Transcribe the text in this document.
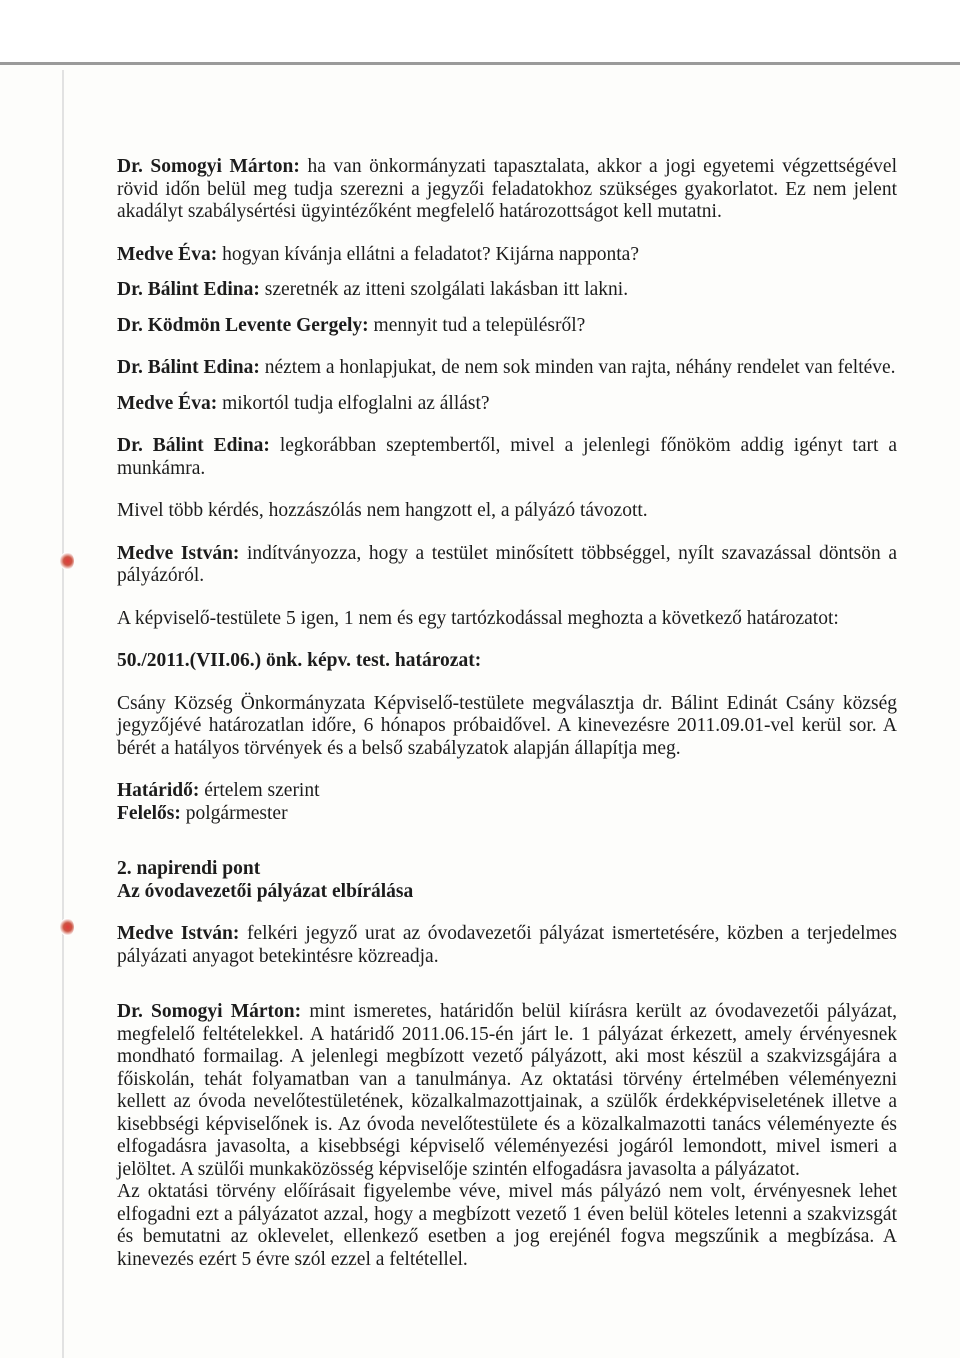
Dr. Somogyi Márton: ha van önkormányzati tapasztalata, akkor a jogi egyetemi végzettségével rövid időn belül meg tudja szerezni a jegyzői feladatokhoz szükséges gyakorlatot. Ez nem jelent akadályt szabálysértési ügyintézőként megfelelő határozottságot kell mutatni.

Medve Éva: hogyan kívánja ellátni a feladatot? Kijárna napponta?

Dr. Bálint Edina: szeretnék az itteni szolgálati lakásban itt lakni.

Dr. Ködmön Levente Gergely: mennyit tud a településről?

Dr. Bálint Edina: néztem a honlapjukat, de nem sok minden van rajta, néhány rendelet van feltéve.

Medve Éva: mikortól tudja elfoglalni az állást?

Dr. Bálint Edina: legkorábban szeptembertől, mivel a jelenlegi főnököm addig igényt tart a munkámra.

Mivel több kérdés, hozzászólás nem hangzott el, a pályázó távozott.

Medve István: indítványozza, hogy a testület minősített többséggel, nyílt szavazással döntsön a pályázóról.

A képviselő-testülete 5 igen, 1 nem és egy tartózkodással meghozta a következő határozatot:

50./2011.(VII.06.) önk. képv. test. határozat:

Csány Község Önkormányzata Képviselő-testülete megválasztja dr. Bálint Edinát Csány község jegyzőjévé határozatlan időre, 6 hónapos próbaidővel. A kinevezésre 2011.09.01-vel kerül sor. A bérét a hatályos törvények és a belső szabályzatok alapján állapítja meg.

Határidő: értelem szerint

Felelős: polgármester

2. napirendi pont

Az óvodavezetői pályázat elbírálása

Medve István: felkéri jegyző urat az óvodavezetői pályázat ismertetésére, közben a terjedelmes pályázati anyagot betekintésre közreadja.

Dr. Somogyi Márton: mint ismeretes, határidőn belül kiírásra került az óvodavezetői pályázat, megfelelő feltételekkel. A határidő 2011.06.15-én járt le. 1 pályázat érkezett, amely érvényesnek mondható formailag. A jelenlegi megbízott vezető pályázott, aki most készül a szakvizsgájára a főiskolán, tehát folyamatban van a tanulmánya. Az oktatási törvény értelmében véleményezni kellett az óvoda nevelőtestületének, közalkalmazottjainak, a szülők érdekképviseletének illetve a kisebbségi képviselőnek is. Az óvoda nevelőtestülete és a közalkalmazotti tanács véleményezte és elfogadásra javasolta, a kisebbségi képviselő véleményezési jogáról lemondott, mivel ismeri a jelöltet. A szülői munkaközösség képviselője szintén elfogadásra javasolta a pályázatot.

Az oktatási törvény előírásait figyelembe véve, mivel más pályázó nem volt, érvényesnek lehet elfogadni ezt a pályázatot azzal, hogy a megbízott vezető 1 éven belül köteles letenni a szakvizsgát és bemutatni az oklevelet, ellenkező esetben a jog erejénél fogva megszűnik a megbízása. A kinevezés ezért 5 évre szól ezzel a feltétellel.
